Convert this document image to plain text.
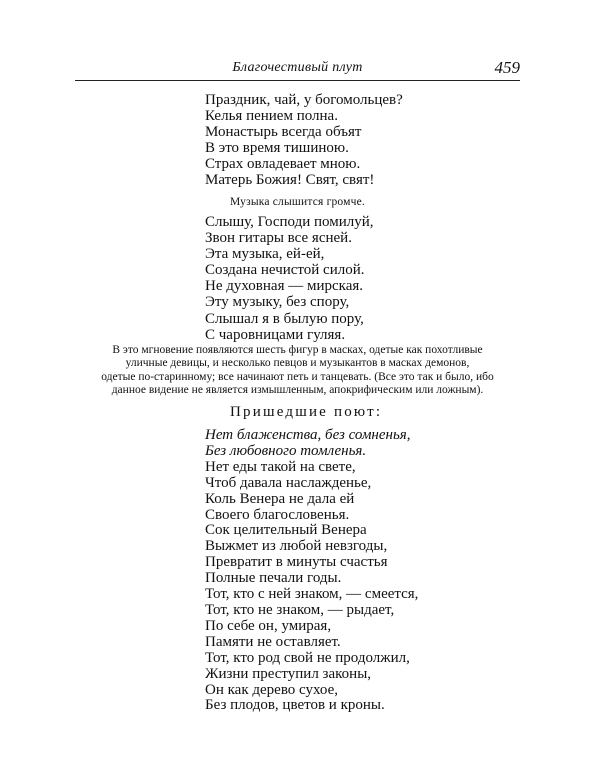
Благочестивый плут	459
Праздник, чай, у богомольцев?
Келья пением полна.
Монастырь всегда объят
В это время тишиною.
Страх овладевает мною.
Матерь Божия! Свят, свят!
Музыка слышится громче.
Слышу, Господи помилуй,
Звон гитары все ясней.
Эта музыка, ей-ей,
Создана нечистой силой.
Не духовная — мирская.
Эту музыку, без спору,
Слышал я в былую пору,
С чаровницами гуляя.
В это мгновение появляются шесть фигур в масках, одетые как похотливые
уличные девицы, и несколько певцов и музыкантов в масках демонов,
одетые по-старинному; все начинают петь и танцевать. (Все это так и было, ибо
данное видение не является измышленным, апокрифическим или ложным).
Пришедшие поют:
Нет блаженства, без сомненья,
Без любовного томленья.
Нет еды такой на свете,
Чтоб давала наслажденье,
Коль Венера не дала ей
Своего благословенья.
Сок целительный Венера
Выжмет из любой невзгоды,
Превратит в минуты счастья
Полные печали годы.
Тот, кто с ней знаком, — смеется,
Тот, кто не знаком, — рыдает,
По себе он, умирая,
Памяти не оставляет.
Тот, кто род свой не продолжил,
Жизни преступил законы,
Он как дерево сухое,
Без плодов, цветов и кроны.
